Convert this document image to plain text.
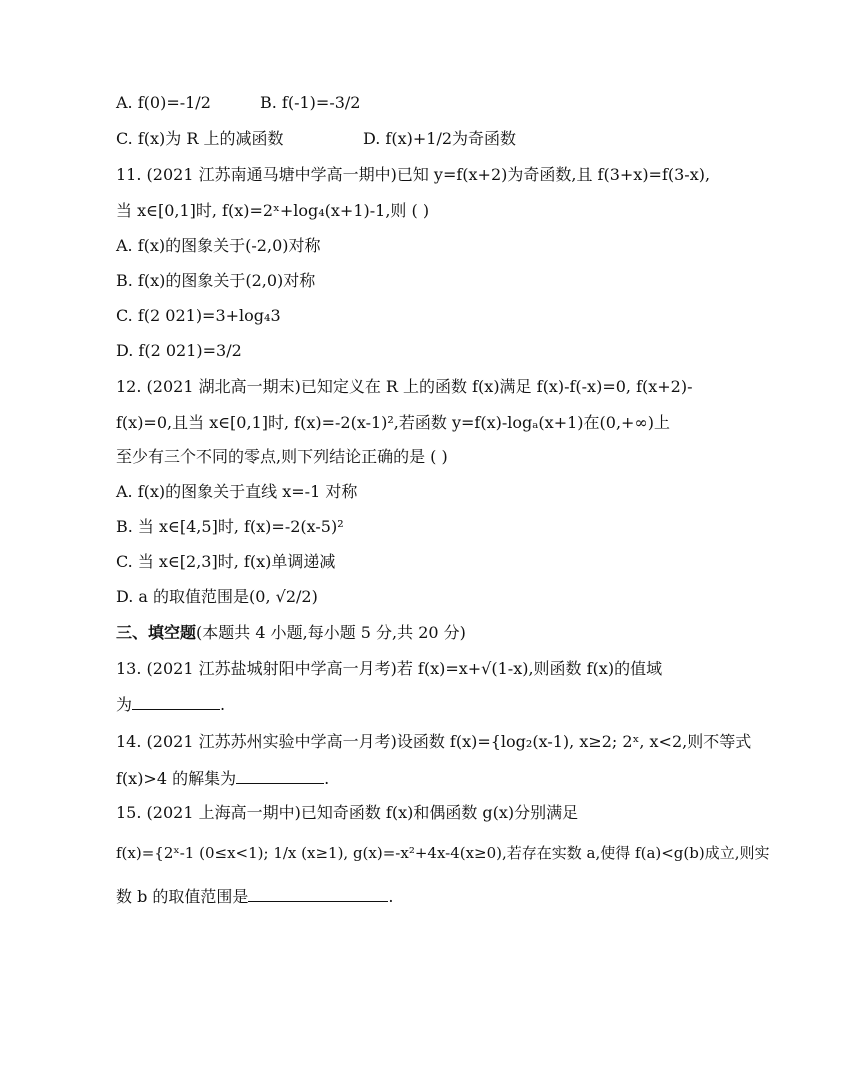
A. f(0)=-1/2	B. f(-1)=-3/2
C. f(x)为 R 上的减函数	D. f(x)+1/2为奇函数
11. (2021 江苏南通马塘中学高一期中)已知 y=f(x+2)为奇函数,且 f(3+x)=f(3-x),
当 x∈[0,1]时, f(x)=2ˣ+log₄(x+1)-1,则 ( )
A. f(x)的图象关于(-2,0)对称
B. f(x)的图象关于(2,0)对称
C. f(2 021)=3+log₄3
D. f(2 021)=3/2
12. (2021 湖北高一期末)已知定义在 R 上的函数 f(x)满足 f(x)-f(-x)=0, f(x+2)-
f(x)=0,且当 x∈[0,1]时, f(x)=-2(x-1)²,若函数 y=f(x)-logₐ(x+1)在(0,+∞)上
至少有三个不同的零点,则下列结论正确的是 ( )
A. f(x)的图象关于直线 x=-1 对称
B. 当 x∈[4,5]时, f(x)=-2(x-5)²
C. 当 x∈[2,3]时, f(x)单调递减
D. a 的取值范围是(0, √2/2)
三、填空题(本题共 4 小题,每小题 5 分,共 20 分)
13. (2021 江苏盐城射阳中学高一月考)若 f(x)=x+√(1-x),则函数 f(x)的值域
为	.
14. (2021 江苏苏州实验中学高一月考)设函数 f(x)={log₂(x-1), x≥2; 2ˣ, x<2,则不等式
f(x)>4 的解集为	.
15. (2021 上海高一期中)已知奇函数 f(x)和偶函数 g(x)分别满足
f(x)={2ˣ-1 (0≤x<1); 1/x (x≥1), g(x)=-x²+4x-4(x≥0),若存在实数 a,使得 f(a)<g(b)成立,则实
数 b 的取值范围是	.
